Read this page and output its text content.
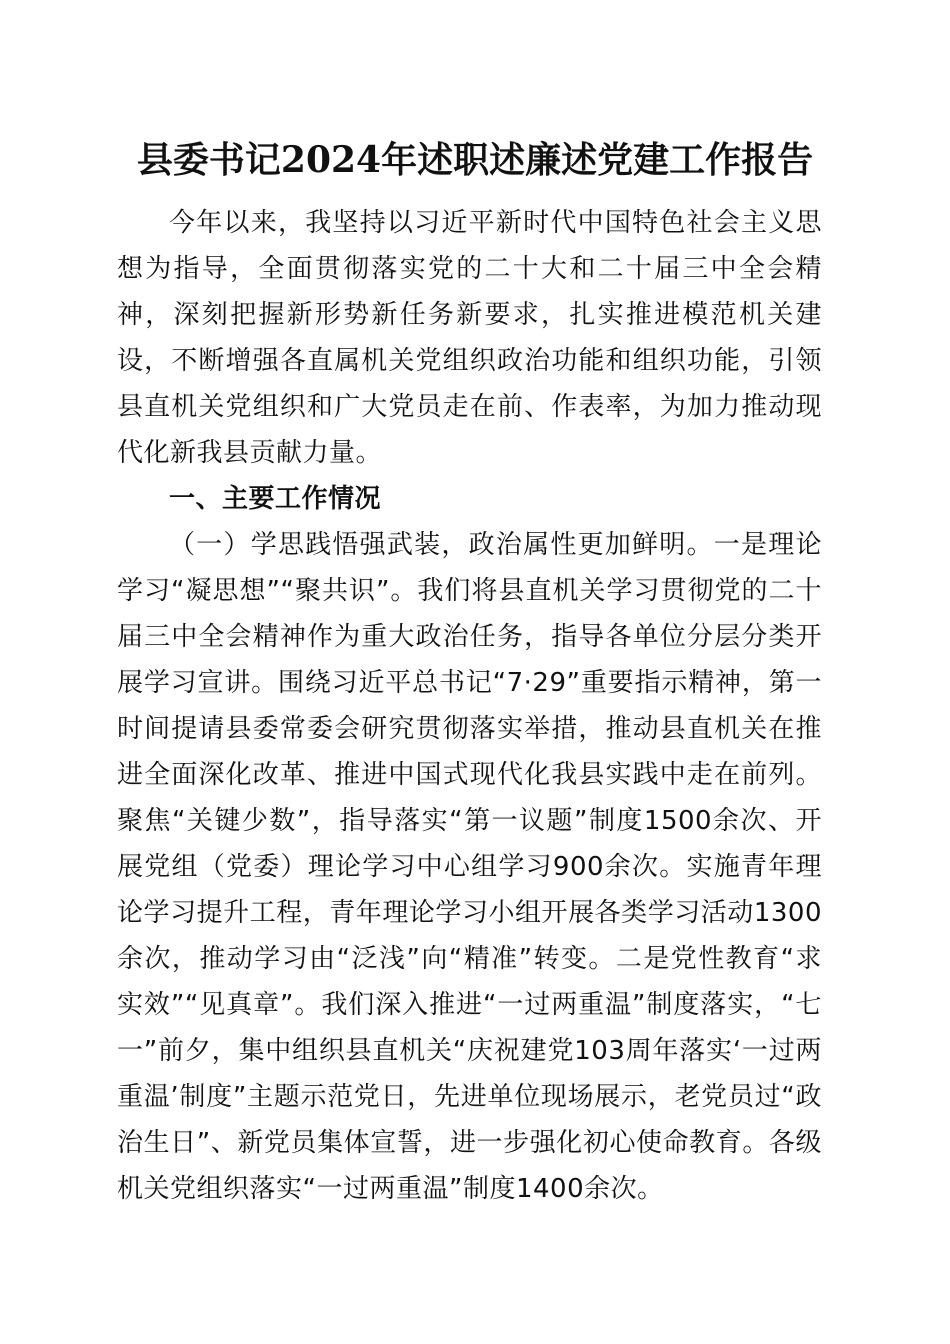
县委书记2024年述职述廉述党建工作报告

今年以来，我坚持以习近平新时代中国特色社会主义思想为指导，全面贯彻落实党的二十大和二十届三中全会精神，深刻把握新形势新任务新要求，扎实推进模范机关建设，不断增强各直属机关党组织政治功能和组织功能，引领县直机关党组织和广大党员走在前、作表率，为加力推动现代化新我县贡献力量。

一、主要工作情况

（一）学思践悟强武装，政治属性更加鲜明。一是理论学习“凝思想”“聚共识”。我们将县直机关学习贯彻党的二十届三中全会精神作为重大政治任务，指导各单位分层分类开展学习宣讲。围绕习近平总书记“7·29”重要指示精神，第一时间提请县委常委会研究贯彻落实举措，推动县直机关在推进全面深化改革、推进中国式现代化我县实践中走在前列。聚焦“关键少数”，指导落实“第一议题”制度1500余次、开展党组（党委）理论学习中心组学习900余次。实施青年理论学习提升工程，青年理论学习小组开展各类学习活动1300余次，推动学习由“泛浅”向“精准”转变。二是党性教育“求实效”“见真章”。我们深入推进“一过两重温”制度落实，“七一”前夕，集中组织县直机关“庆祝建党103周年落实‘一过两重温’制度”主题示范党日，先进单位现场展示，老党员过“政治生日”、新党员集体宣誓，进一步强化初心使命教育。各级机关党组织落实“一过两重温”制度1400余次。
